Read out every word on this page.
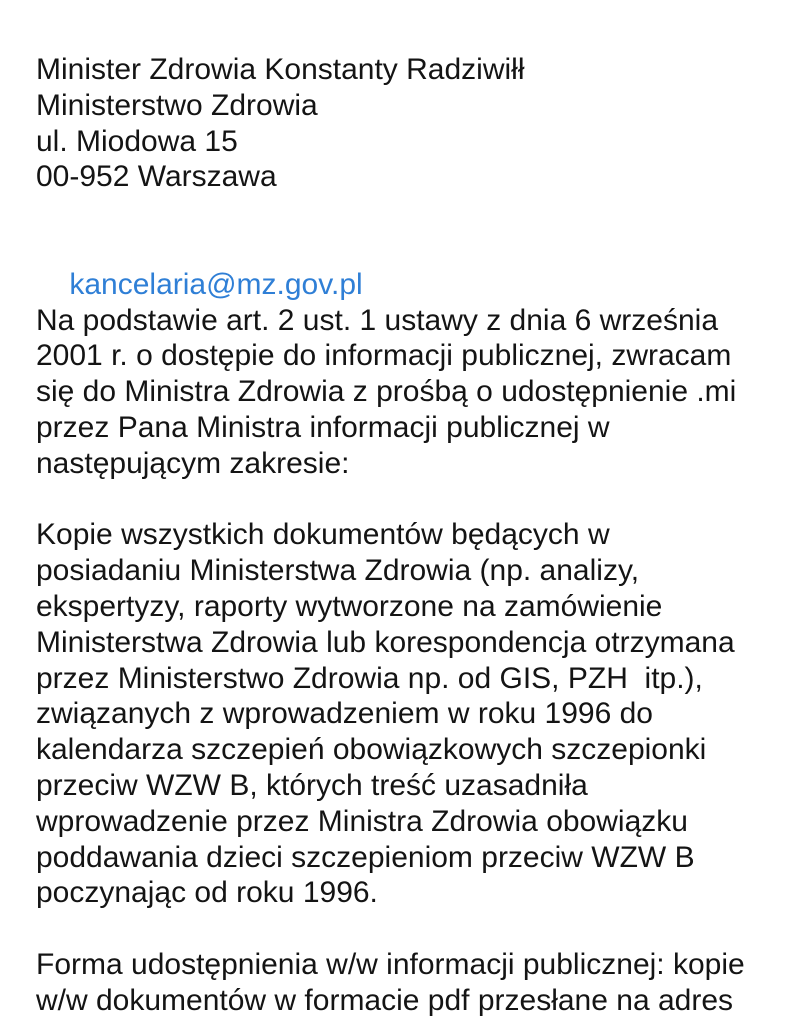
Minister Zdrowia Konstanty Radziwiłł
Ministerstwo Zdrowia
ul. Miodowa 15
00-952 Warszawa

kancelaria@mz.gov.pl

Na podstawie art. 2 ust. 1 ustawy z dnia 6 września
2001 r. o dostępie do informacji publicznej, zwracam
się do Ministra Zdrowia z prośbą o udostępnienie .mi
przez Pana Ministra informacji publicznej w
następującym zakresie:
Kopie wszystkich dokumentów będących w
posiadaniu Ministerstwa Zdrowia (np. analizy,
ekspertyzy, raporty wytworzone na zamówienie
Ministerstwa Zdrowia lub korespondencja otrzymana
przez Ministerstwo Zdrowia np. od GIS, PZH  itp.),
związanych z wprowadzeniem w roku 1996 do
kalendarza szczepień obowiązkowych szczepionki
przeciw WZW B, których treść uzasadniła
wprowadzenie przez Ministra Zdrowia obowiązku
poddawania dzieci szczepieniom przeciw WZW B
poczynając od roku 1996.
Forma udostępnienia w/w informacji publicznej: kopie
w/w dokumentów w formacie pdf przesłane na adres
